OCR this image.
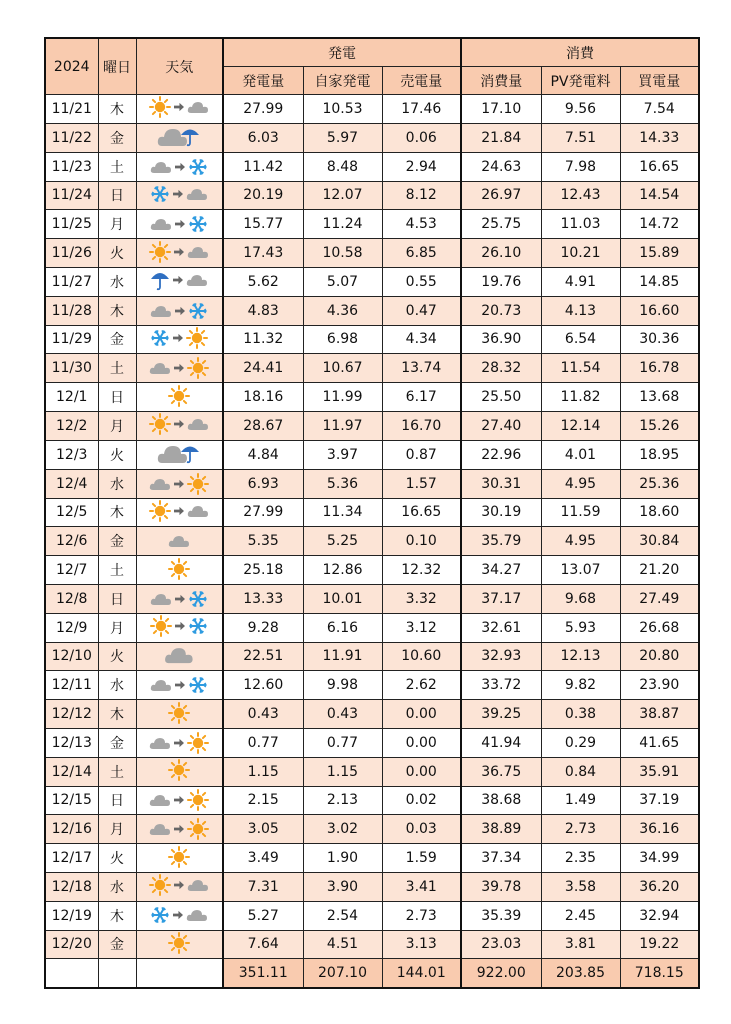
2024	曜日	天気	発電			消費		
			発電量	自家発電	売電量	消費量	PV発電料	買電量
11/21	木		27.99	10.53	17.46	17.10	9.56	7.54
11/22	金		6.03	5.97	0.06	21.84	7.51	14.33
11/23	土		11.42	8.48	2.94	24.63	7.98	16.65
11/24	日		20.19	12.07	8.12	26.97	12.43	14.54
11/25	月		15.77	11.24	4.53	25.75	11.03	14.72
11/26	火		17.43	10.58	6.85	26.10	10.21	15.89
11/27	水		5.62	5.07	0.55	19.76	4.91	14.85
11/28	木		4.83	4.36	0.47	20.73	4.13	16.60
11/29	金		11.32	6.98	4.34	36.90	6.54	30.36
11/30	土		24.41	10.67	13.74	28.32	11.54	16.78
12/1	日		18.16	11.99	6.17	25.50	11.82	13.68
12/2	月		28.67	11.97	16.70	27.40	12.14	15.26
12/3	火		4.84	3.97	0.87	22.96	4.01	18.95
12/4	水		6.93	5.36	1.57	30.31	4.95	25.36
12/5	木		27.99	11.34	16.65	30.19	11.59	18.60
12/6	金		5.35	5.25	0.10	35.79	4.95	30.84
12/7	土		25.18	12.86	12.32	34.27	13.07	21.20
12/8	日		13.33	10.01	3.32	37.17	9.68	27.49
12/9	月		9.28	6.16	3.12	32.61	5.93	26.68
12/10	火		22.51	11.91	10.60	32.93	12.13	20.80
12/11	水		12.60	9.98	2.62	33.72	9.82	23.90
12/12	木		0.43	0.43	0.00	39.25	0.38	38.87
12/13	金		0.77	0.77	0.00	41.94	0.29	41.65
12/14	土		1.15	1.15	0.00	36.75	0.84	35.91
12/15	日		2.15	2.13	0.02	38.68	1.49	37.19
12/16	月		3.05	3.02	0.03	38.89	2.73	36.16
12/17	火		3.49	1.90	1.59	37.34	2.35	34.99
12/18	水		7.31	3.90	3.41	39.78	3.58	36.20
12/19	木		5.27	2.54	2.73	35.39	2.45	32.94
12/20	金		7.64	4.51	3.13	23.03	3.81	19.22
			351.11	207.10	144.01	922.00	203.85	718.15
